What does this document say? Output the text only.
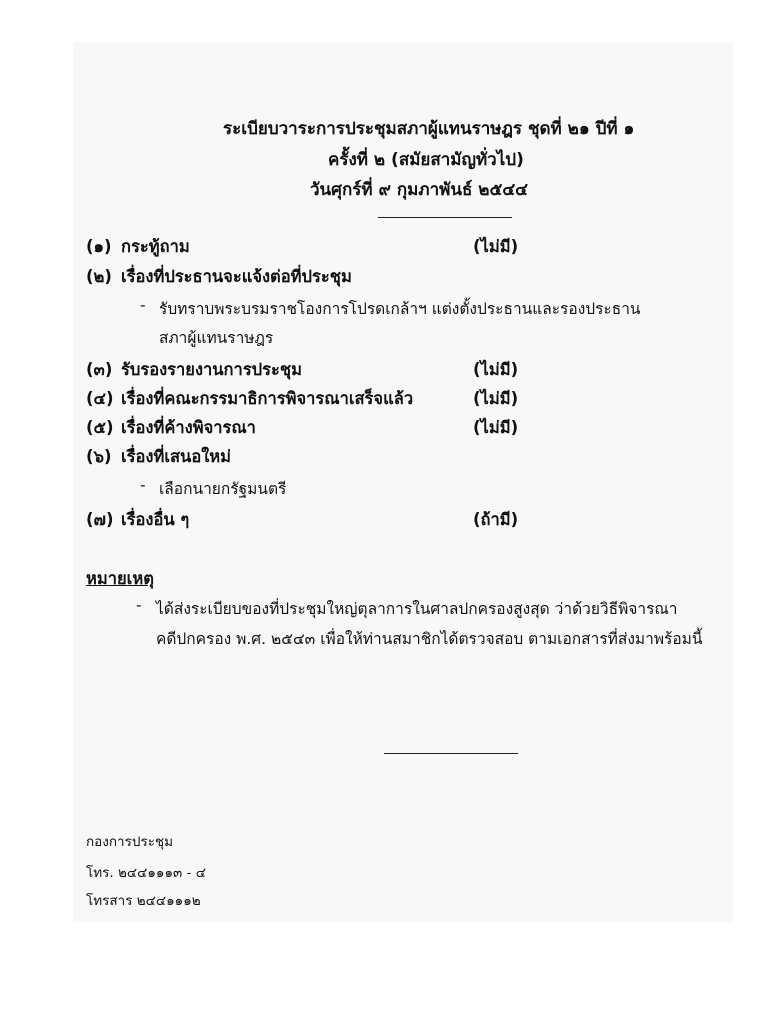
ระเบียบวาระการประชุมสภาผู้แทนราษฎร ชุดที่ ๒๑ ปีที่ ๑
ครั้งที่ ๒ (สมัยสามัญทั่วไป)
วันศุกร์ที่ ๙ กุมภาพันธ์ ๒๕๔๔
(๑) กระทู้ถาม	(ไม่มี)
(๒) เรื่องที่ประธานจะแจ้งต่อที่ประชุม
- รับทราบพระบรมราชโองการโปรดเกล้าฯ แต่งตั้งประธานและรองประธาน
สภาผู้แทนราษฎร
(๓) รับรองรายงานการประชุม	(ไม่มี)
(๔) เรื่องที่คณะกรรมาธิการพิจารณาเสร็จแล้ว	(ไม่มี)
(๕) เรื่องที่ค้างพิจารณา	(ไม่มี)
(๖) เรื่องที่เสนอใหม่
- เลือกนายกรัฐมนตรี
(๗) เรื่องอื่น ๆ	(ถ้ามี)
หมายเหตุ
- ได้ส่งระเบียบของที่ประชุมใหญ่ตุลาการในศาลปกครองสูงสุด ว่าด้วยวิธีพิจารณา
คดีปกครอง พ.ศ. ๒๕๔๓ เพื่อให้ท่านสมาชิกได้ตรวจสอบ ตามเอกสารที่ส่งมาพร้อมนี้
กองการประชุม
โทร. ๒๔๔๑๑๑๓ - ๔
โทรสาร ๒๔๔๑๑๑๒
